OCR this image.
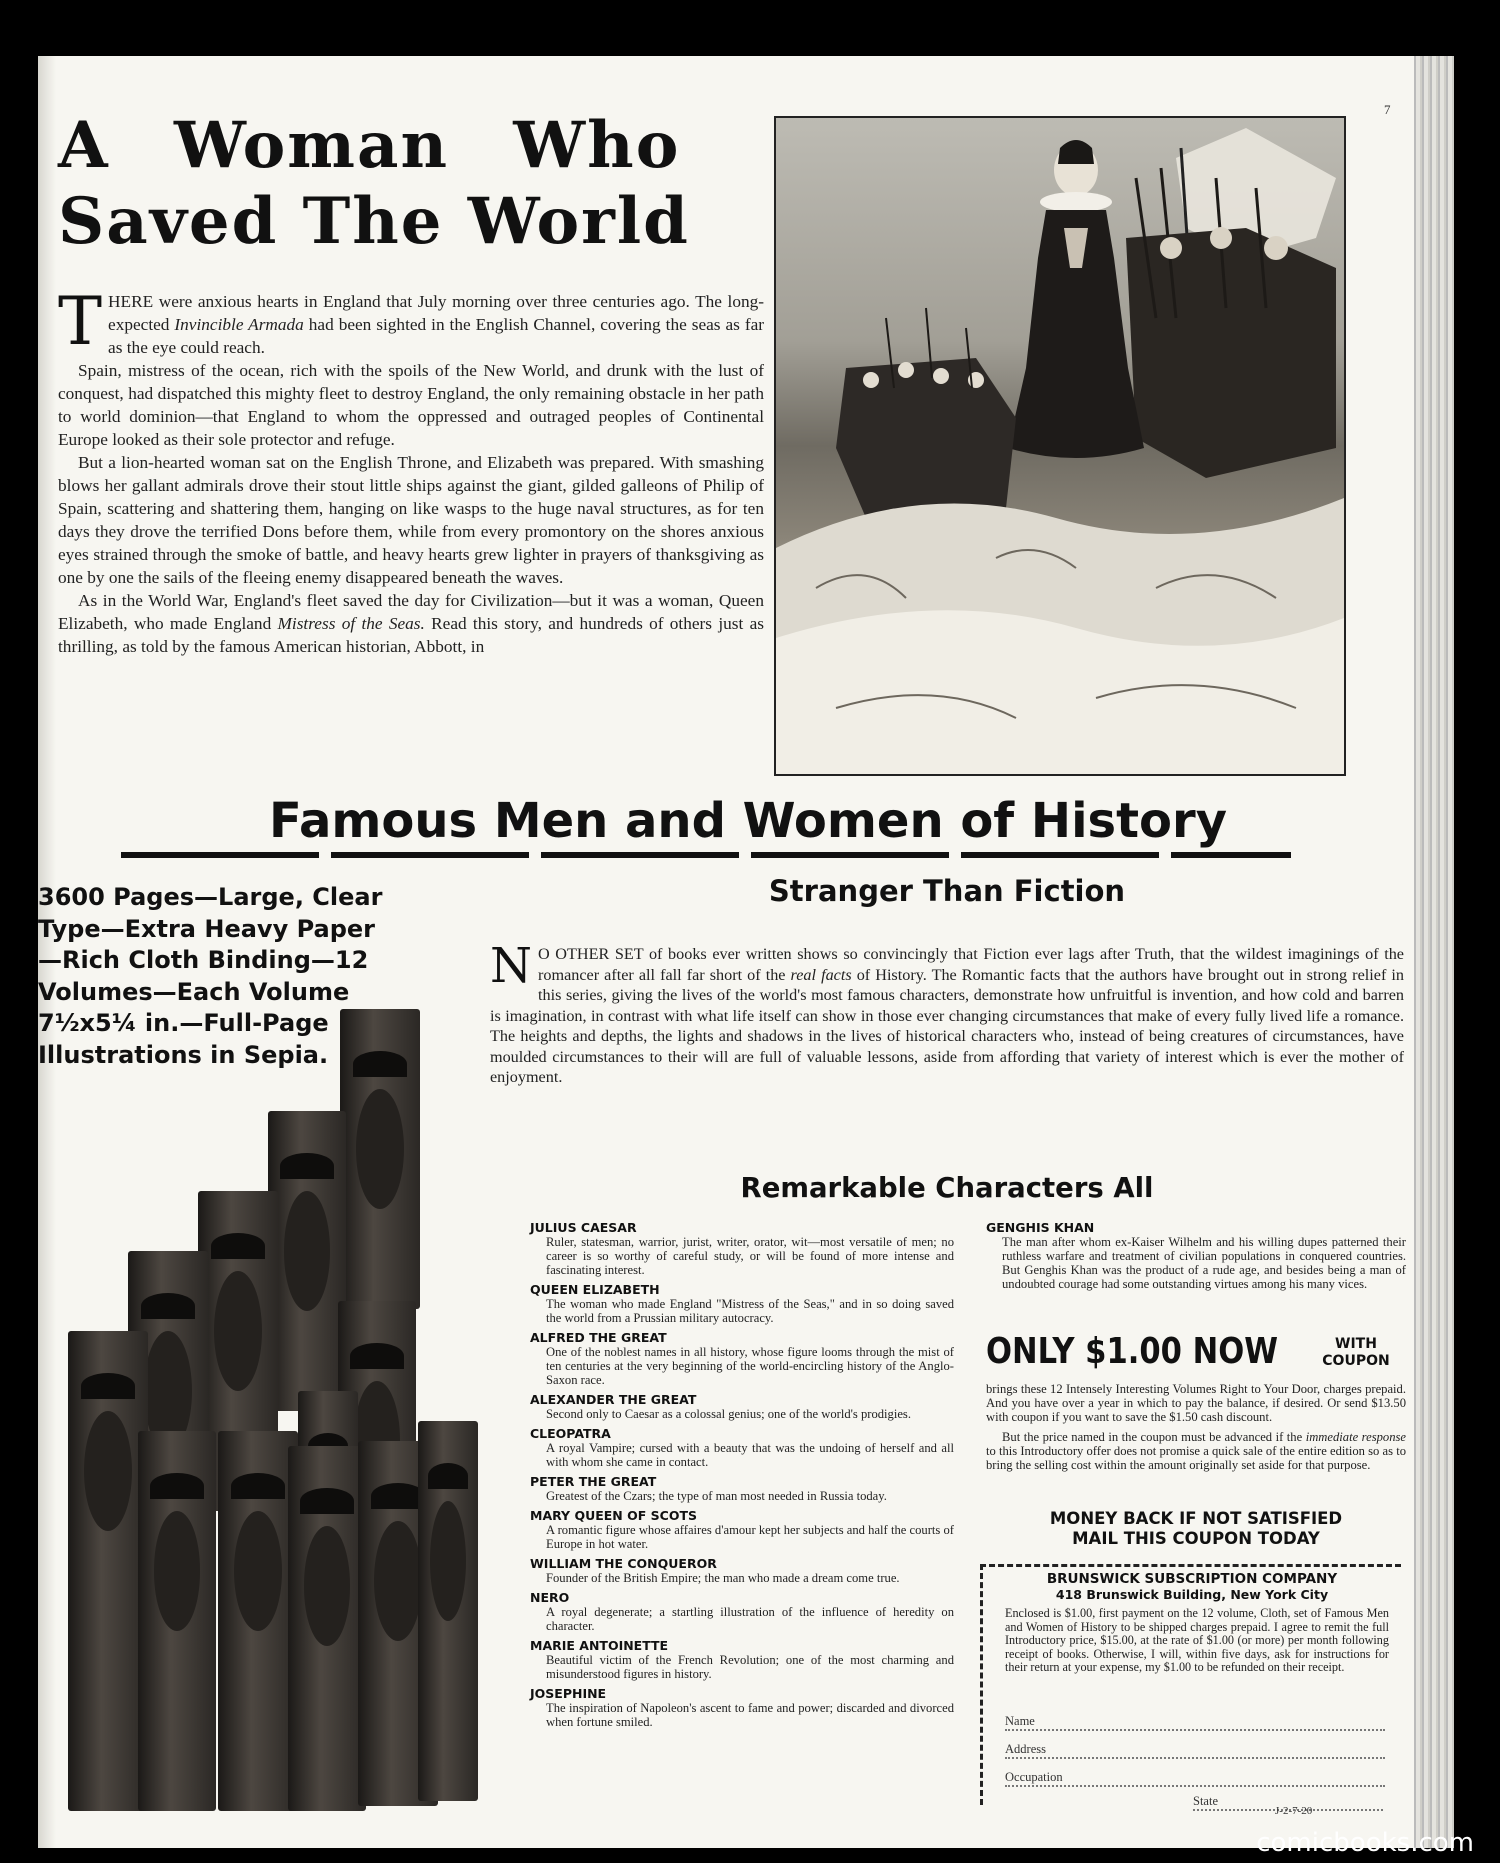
7
A Woman Who
Saved The World

THERE were anxious hearts in England that July morning over three centuries ago. The long-expected Invincible Armada had been sighted in the English Channel, covering the seas as far as the eye could reach.

Spain, mistress of the ocean, rich with the spoils of the New World, and drunk with the lust of conquest, had dispatched this mighty fleet to destroy England, the only remaining obstacle in her path to world dominion—that England to whom the oppressed and outraged peoples of Continental Europe looked as their sole protector and refuge.

But a lion-hearted woman sat on the English Throne, and Elizabeth was prepared. With smashing blows her gallant admirals drove their stout little ships against the giant, gilded galleons of Philip of Spain, scattering and shattering them, hanging on like wasps to the huge naval structures, as for ten days they drove the terrified Dons before them, while from every promontory on the shores anxious eyes strained through the smoke of battle, and heavy hearts grew lighter in prayers of thanksgiving as one by one the sails of the fleeing enemy disappeared beneath the waves.

As in the World War, England's fleet saved the day for Civilization—but it was a woman, Queen Elizabeth, who made England Mistress of the Seas. Read this story, and hundreds of others just as thrilling, as told by the famous American historian, Abbott, in

Famous Men and Women of History
3600 Pages—Large, Clear Type—Extra Heavy Paper—Rich Cloth Binding—12 Volumes—Each Volume 7½x5¼ in.—Full-Page Illustrations in Sepia.
Stranger Than Fiction

N O OTHER SET of books ever written shows so convincingly that Fiction ever lags after Truth, that the wildest imaginings of the romancer after all fall far short of the real facts of History. The Romantic facts that the authors have brought out in strong relief in this series, giving the lives of the world's most famous characters, demonstrate how unfruitful is invention, and how cold and barren is imagination, in contrast with what life itself can show in those ever changing circumstances that make of every fully lived life a romance. The heights and depths, the lights and shadows in the lives of historical characters who, instead of being creatures of circumstances, have moulded circumstances to their will are full of valuable lessons, aside from affording that variety of interest which is ever the mother of enjoyment.

Remarkable Characters All
JULIUS CAESAR
Ruler, statesman, warrior, jurist, writer, orator, wit—most versatile of men; no career is so worthy of careful study, or will be found of more intense and fascinating interest.
QUEEN ELIZABETH
The woman who made England "Mistress of the Seas," and in so doing saved the world from a Prussian military autocracy.
ALFRED THE GREAT
One of the noblest names in all history, whose figure looms through the mist of ten centuries at the very beginning of the world-encircling history of the Anglo-Saxon race.
ALEXANDER THE GREAT
Second only to Caesar as a colossal genius; one of the world's prodigies.
CLEOPATRA
A royal Vampire; cursed with a beauty that was the undoing of herself and all with whom she came in contact.
PETER THE GREAT
Greatest of the Czars; the type of man most needed in Russia today.
MARY QUEEN OF SCOTS
A romantic figure whose affaires d'amour kept her subjects and half the courts of Europe in hot water.
WILLIAM THE CONQUEROR
Founder of the British Empire; the man who made a dream come true.
NERO
A royal degenerate; a startling illustration of the influence of heredity on character.
MARIE ANTOINETTE
Beautiful victim of the French Revolution; one of the most charming and misunderstood figures in history.
JOSEPHINE
The inspiration of Napoleon's ascent to fame and power; discarded and divorced when fortune smiled.
GENGHIS KHAN
The man after whom ex-Kaiser Wilhelm and his willing dupes patterned their ruthless warfare and treatment of civilian populations in conquered countries. But Genghis Khan was the product of a rude age, and besides being a man of undoubted courage had some outstanding virtues among his many vices.
ONLY $1.00 NOW	WITH COUPON

brings these 12 Intensely Interesting Volumes Right to Your Door, charges prepaid. And you have over a year in which to pay the balance, if desired. Or send $13.50 with coupon if you want to save the $1.50 cash discount.

But the price named in the coupon must be advanced if the immediate response to this Introductory offer does not promise a quick sale of the entire edition so as to bring the selling cost within the amount originally set aside for that purpose.

MONEY BACK IF NOT SATISFIED
MAIL THIS COUPON TODAY
BRUNSWICK SUBSCRIPTION COMPANY
418 Brunswick Building, New York City
Enclosed is $1.00, first payment on the 12 volume, Cloth, set of Famous Men and Women of History to be shipped charges prepaid. I agree to remit the full Introductory price, $15.00, at the rate of $1.00 (or more) per month following receipt of books. Otherwise, I will, within five days, ask for instructions for their return at your expense, my $1.00 to be refunded on their receipt.
Name
Address
Occupation
State
J-2-7-20
comicbooks.com
